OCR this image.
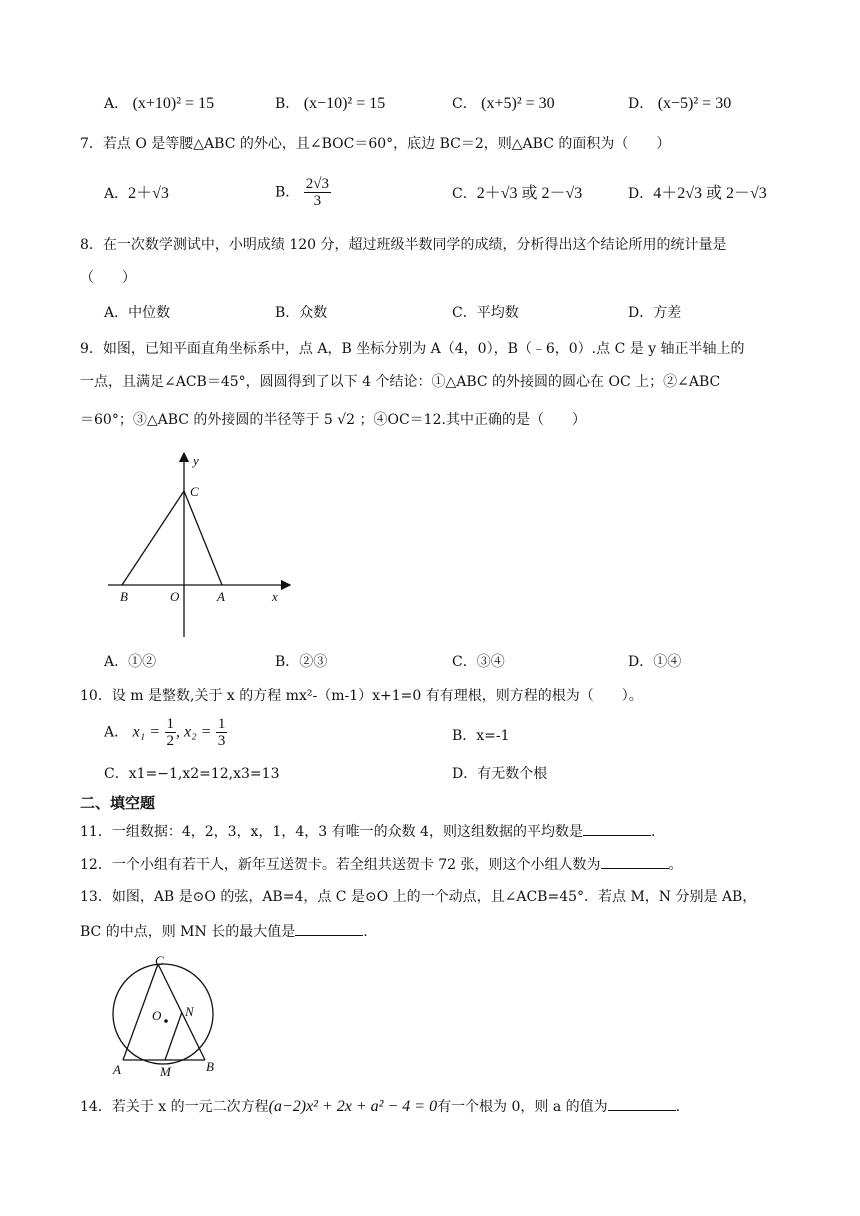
A． (x+10)² = 15	B． (x−10)² = 15	C． (x+5)² = 30	D． (x−5)² = 30
7．若点 O 是等腰△ABC 的外心，且∠BOC＝60°，底边 BC＝2，则△ABC 的面积为（　　）
A．2＋√3	B． $\frac{2√3}{3}$	C．2＋√3 或 2－√3	D．4＋2√3 或 2－√3
8．在一次数学测试中，小明成绩 120 分，超过班级半数同学的成绩，分析得出这个结论所用的统计量是
（　　）
A．中位数	B．众数	C．平均数	D．方差
9．如图，已知平面直角坐标系中，点 A，B 坐标分别为 A（4，0），B（﹣6，0）.点 C 是 y 轴正半轴上的
一点，且满足∠ACB＝45°，圆圆得到了以下 4 个结论：①△ABC 的外接圆的圆心在 OC 上；②∠ABC
＝60°；③△ABC 的外接圆的半径等于 5 √2 ；④OC＝12.其中正确的是（　　）
y
C
B	O	A	x
A．①②	B．②③	C．③④	D．①④
10．设 m 是整数,关于 x 的方程 mx²-（m-1）x+1=0 有有理根，则方程的根为（　　）。
A． $x_1 = \frac{1}{2}$ , $x_2 = \frac{1}{3}$	B．x=-1
C．x1=−1,x2=12,x3=13	D．有无数个根
二、填空题
11．一组数据：4，2，3，x，1，4，3 有唯一的众数 4，则这组数据的平均数是	.
12．一个小组有若干人，新年互送贺卡。若全组共送贺卡 72 张，则这个小组人数为	。
13．如图，AB 是⊙O 的弦，AB=4，点 C 是⊙O 上的一个动点，且∠ACB=45°．若点 M，N 分别是 AB，
BC 的中点，则 MN 长的最大值是	.
C
O N
A	M	B
14．若关于 x 的一元二次方程(a−2)x² + 2x + a² − 4 = 0有一个根为 0，则 a 的值为	.
